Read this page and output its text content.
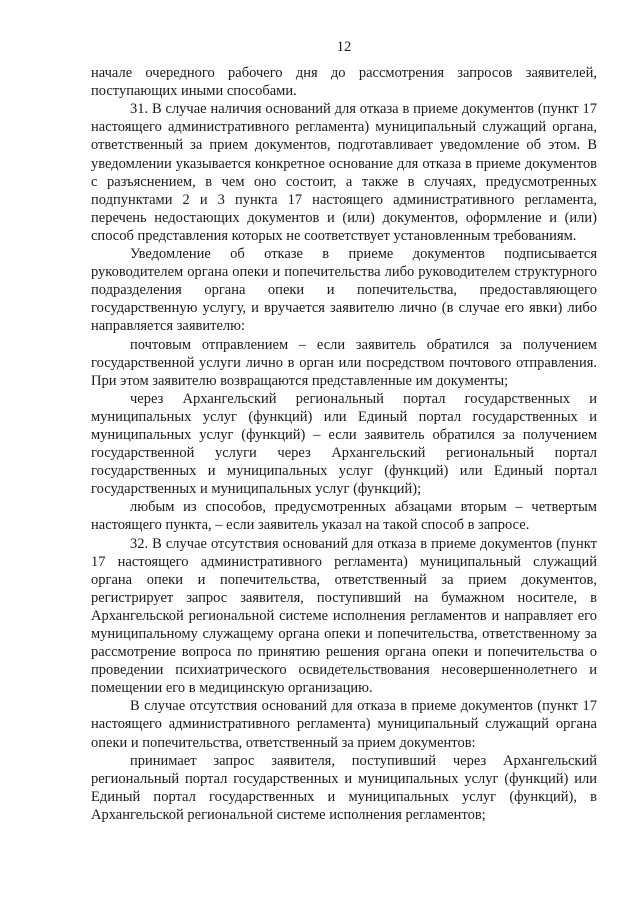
12

начале очередного рабочего дня до рассмотрения запросов заявителей, поступающих иными способами.

31. В случае наличия оснований для отказа в приеме документов (пункт 17 настоящего административного регламента) муниципальный служащий органа, ответственный за прием документов, подготавливает уведомление об этом. В уведомлении указывается конкретное основание для отказа в приеме документов с разъяснением, в чем оно состоит, а также в случаях, предусмотренных подпунктами 2 и 3 пункта 17 настоящего административного регламента, перечень недостающих документов и (или) документов, оформление и (или) способ представления которых не соответствует установленным требованиям.

Уведомление об отказе в приеме документов подписывается руководителем органа опеки и попечительства либо руководителем структурного подразделения органа опеки и попечительства, предоставляющего государственную услугу, и вручается заявителю лично (в случае его явки) либо направляется заявителю:

почтовым отправлением – если заявитель обратился за получением государственной услуги лично в орган или посредством почтового отправления. При этом заявителю возвращаются представленные им документы;

через Архангельский региональный портал государственных и муниципальных услуг (функций) или Единый портал государственных и муниципальных услуг (функций) – если заявитель обратился за получением государственной услуги через Архангельский региональный портал государственных и муниципальных услуг (функций) или Единый портал государственных и муниципальных услуг (функций);

любым из способов, предусмотренных абзацами вторым – четвертым настоящего пункта, – если заявитель указал на такой способ в запросе.

32. В случае отсутствия оснований для отказа в приеме документов (пункт 17 настоящего административного регламента) муниципальный служащий органа опеки и попечительства, ответственный за прием документов, регистрирует запрос заявителя, поступивший на бумажном носителе, в Архангельской региональной системе исполнения регламентов и направляет его муниципальному служащему органа опеки и попечительства, ответственному за рассмотрение вопроса по принятию решения органа опеки и попечительства о проведении психиатрического освидетельствования несовершеннолетнего и помещении его в медицинскую организацию.

В случае отсутствия оснований для отказа в приеме документов (пункт 17 настоящего административного регламента) муниципальный служащий органа опеки и попечительства, ответственный за прием документов:

принимает запрос заявителя, поступивший через Архангельский региональный портал государственных и муниципальных услуг (функций) или Единый портал государственных и муниципальных услуг (функций), в Архангельской региональной системе исполнения регламентов;
